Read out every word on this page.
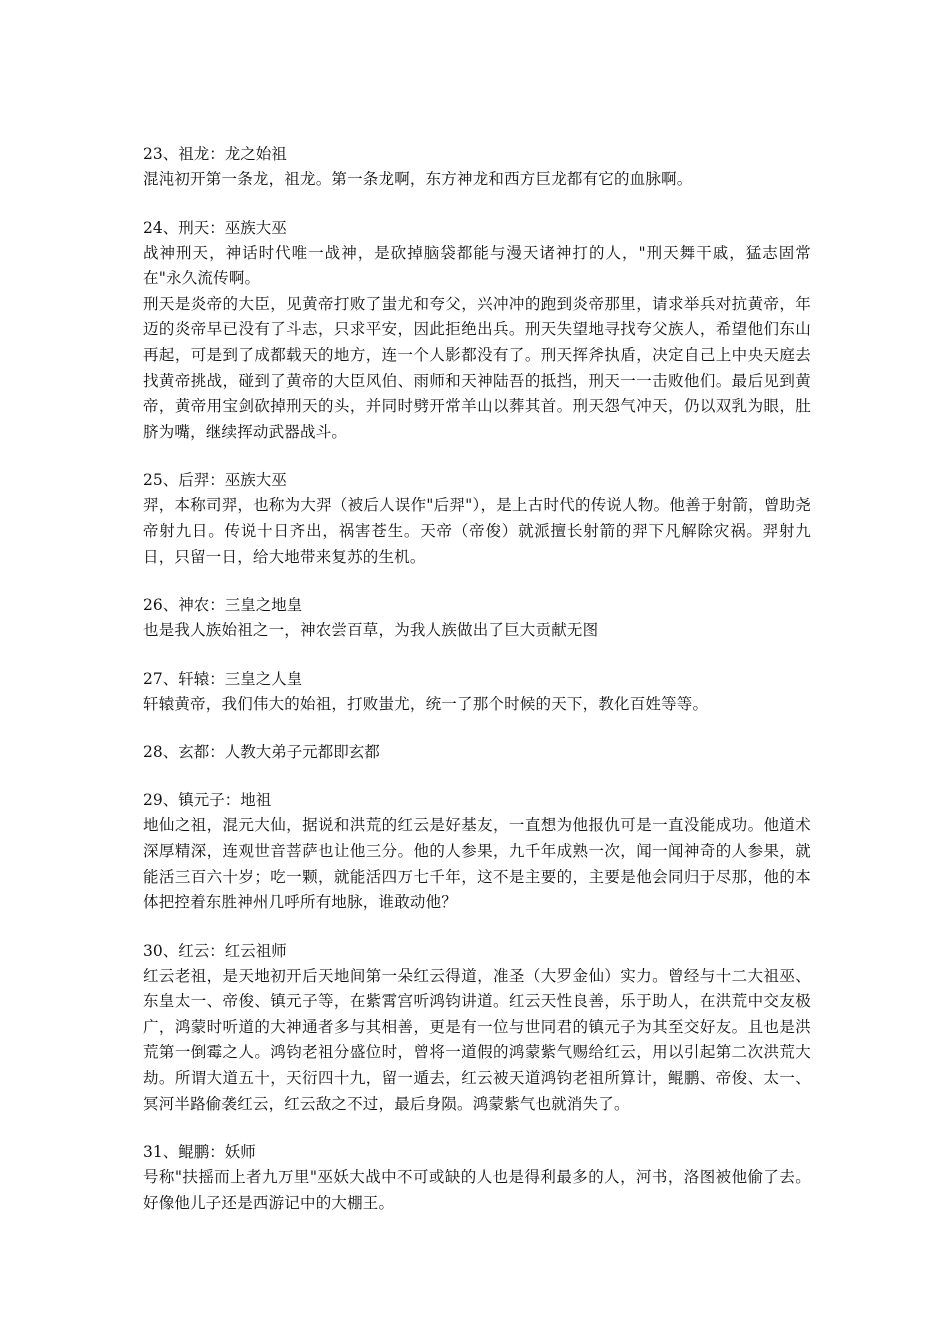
23、祖龙：龙之始祖

混沌初开第一条龙，祖龙。第一条龙啊，东方神龙和西方巨龙都有它的血脉啊。

24、刑天：巫族大巫

战神刑天，神话时代唯一战神，是砍掉脑袋都能与漫天诸神打的人，"刑天舞干戚，猛志固常在"永久流传啊。

刑天是炎帝的大臣，见黄帝打败了蚩尤和夸父，兴冲冲的跑到炎帝那里，请求举兵对抗黄帝，年迈的炎帝早已没有了斗志，只求平安，因此拒绝出兵。刑天失望地寻找夸父族人，希望他们东山再起，可是到了成都载天的地方，连一个人影都没有了。刑天挥斧执盾，决定自己上中央天庭去找黄帝挑战，碰到了黄帝的大臣风伯、雨师和天神陆吾的抵挡，刑天一一击败他们。最后见到黄帝，黄帝用宝剑砍掉刑天的头，并同时劈开常羊山以葬其首。刑天怨气冲天，仍以双乳为眼，肚脐为嘴，继续挥动武器战斗。

25、后羿：巫族大巫

羿，本称司羿，也称为大羿（被后人误作"后羿"），是上古时代的传说人物。他善于射箭，曾助尧帝射九日。传说十日齐出，祸害苍生。天帝（帝俊）就派擅长射箭的羿下凡解除灾祸。羿射九日，只留一日，给大地带来复苏的生机。

26、神农：三皇之地皇

也是我人族始祖之一，神农尝百草，为我人族做出了巨大贡献无图

27、轩辕：三皇之人皇

轩辕黄帝，我们伟大的始祖，打败蚩尤，统一了那个时候的天下，教化百姓等等。

28、玄都：人教大弟子元都即玄都
29、镇元子：地祖

地仙之祖，混元大仙，据说和洪荒的红云是好基友，一直想为他报仇可是一直没能成功。他道术深厚精深，连观世音菩萨也让他三分。他的人参果，九千年成熟一次，闻一闻神奇的人参果，就能活三百六十岁；吃一颗，就能活四万七千年，这不是主要的，主要是他会同归于尽那，他的本体把控着东胜神州几呼所有地脉，谁敢动他？

30、红云：红云祖师

红云老祖，是天地初开后天地间第一朵红云得道，准圣（大罗金仙）实力。曾经与十二大祖巫、东皇太一、帝俊、镇元子等，在紫霄宫听鸿钧讲道。红云天性良善，乐于助人，在洪荒中交友极广，鸿蒙时听道的大神通者多与其相善，更是有一位与世同君的镇元子为其至交好友。且也是洪荒第一倒霉之人。鸿钧老祖分盛位时，曾将一道假的鸿蒙紫气赐给红云，用以引起第二次洪荒大劫。所谓大道五十，天衍四十九，留一遁去，红云被天道鸿钧老祖所算计，鲲鹏、帝俊、太一、冥河半路偷袭红云，红云敌之不过，最后身陨。鸿蒙紫气也就消失了。

31、鲲鹏：妖师

号称"扶摇而上者九万里"巫妖大战中不可或缺的人也是得利最多的人，河书，洛图被他偷了去。好像他儿子还是西游记中的大棚王。
